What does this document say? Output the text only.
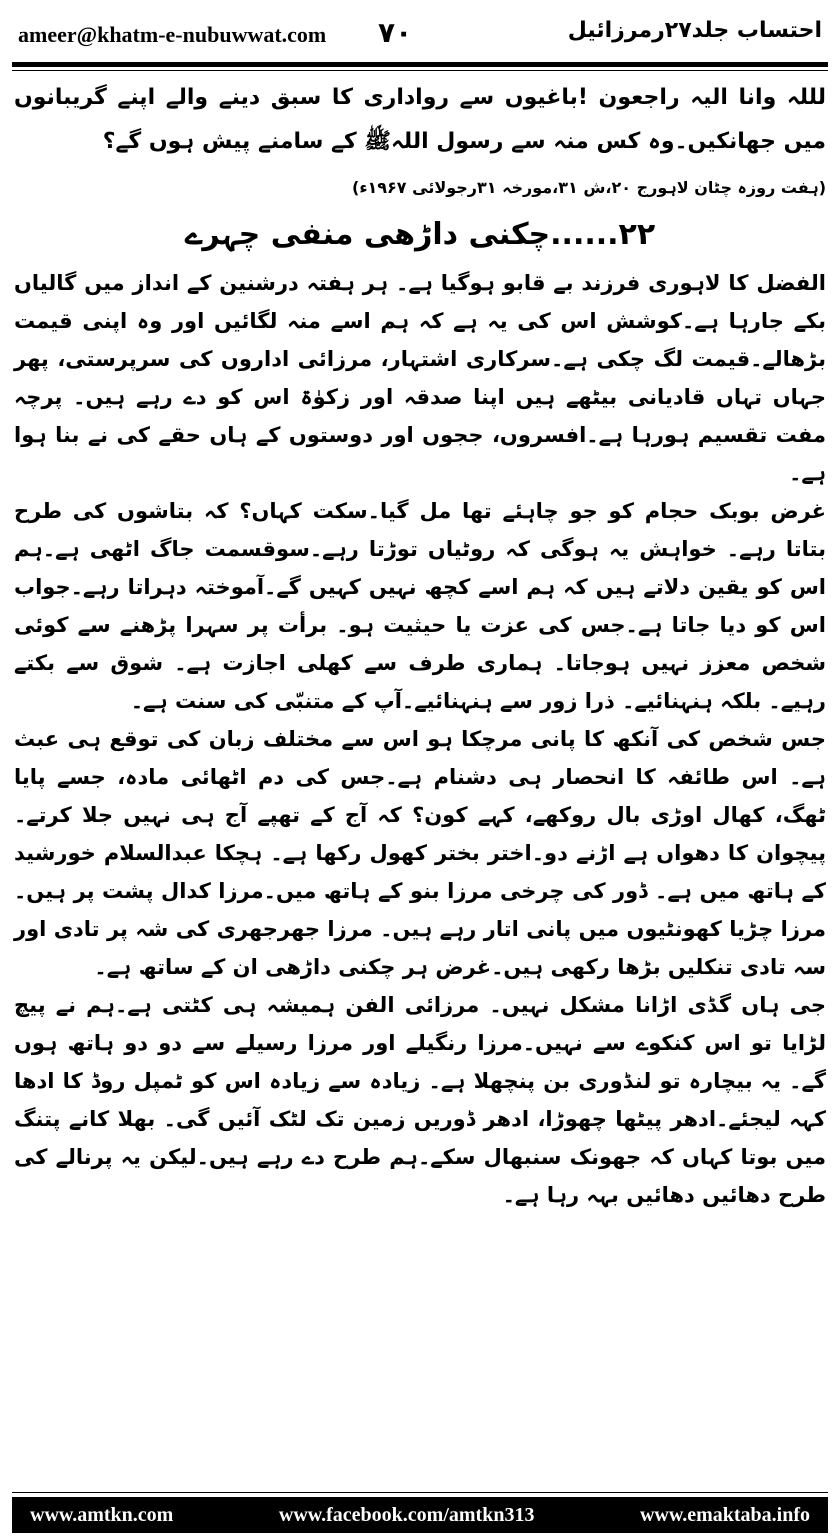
ameer@khatm-e-nubuwwat.com ۷۰	احتساب جلد۲۷رمرزائیل

لللہ وانا الیہ راجعون !باغیوں سے رواداری کا سبق دینے والے اپنے گریبانوں میں جھانکیں۔وہ کس منہ سے رسول اللہﷺ کے سامنے پیش ہوں گے؟

(ہفت روزہ چٹان لاہورج ۲۰،ش ۳۱،مورخہ ۳۱رجولائی ۱۹۶۷ء)

۲۲......چکنی داڑھی منفی چہرے

الفضل کا لاہوری فرزند بے قابو ہوگیا ہے۔ ہر ہفتہ درشنین کے انداز میں گالیاں بکے جارہا ہے۔کوشش اس کی یہ ہے کہ ہم اسے منہ لگائیں اور وہ اپنی قیمت بڑھالے۔قیمت لگ چکی ہے۔سرکاری اشتہار، مرزائی اداروں کی سرپرستی، پھر جہاں تہاں قادیانی بیٹھے ہیں اپنا صدقہ اور زکوٰۃ اس کو دے رہے ہیں۔ پرچہ مفت تقسیم ہورہا ہے۔افسروں، ججوں اور دوستوں کے ہاں حقے کی نے بنا ہوا ہے۔

غرض بوبک حجام کو جو چاہئے تھا مل گیا۔سکت کہاں؟ کہ بتاشوں کی طرح بتاتا رہے۔ خواہش یہ ہوگی کہ روٹیاں توڑتا رہے۔سوقسمت جاگ اٹھی ہے۔ہم اس کو یقین دلاتے ہیں کہ ہم اسے کچھ نہیں کہیں گے۔آموختہ دہراتا رہے۔جواب اس کو دیا جاتا ہے۔جس کی عزت یا حیثیت ہو۔ برأت پر سہرا پڑھنے سے کوئی شخص معزز نہیں ہوجاتا۔ ہماری طرف سے کھلی اجازت ہے۔ شوق سے بکتے رہیے۔ بلکہ ہنہنائیے۔ ذرا زور سے ہنہنائیے۔آپ کے متنبّی کی سنت ہے۔

جس شخص کی آنکھ کا پانی مرچکا ہو اس سے مختلف زبان کی توقع ہی عبث ہے۔ اس طائفہ کا انحصار ہی دشنام ہے۔جس کی دم اٹھائی مادہ، جسے پایا ٹھگ، کھال اوڑی بال روکھے، کہے کون؟ کہ آج کے تھپے آج ہی نہیں جلا کرتے۔ پیچوان کا دھواں ہے اڑنے دو۔اختر بختر کھول رکھا ہے۔ ہچکا عبدالسلام خورشید کے ہاتھ میں ہے۔ ڈور کی چرخی مرزا بنو کے ہاتھ میں۔مرزا کدال پشت پر ہیں۔مرزا چڑیا کھونٹیوں میں پانی اتار رہے ہیں۔ مرزا جھرجھری کی شہ پر تادی اور سہ تادی تنکلیں بڑھا رکھی ہیں۔غرض ہر چکنی داڑھی ان کے ساتھ ہے۔

جی ہاں گڈی اڑانا مشکل نہیں۔ مرزائی الفن ہمیشہ ہی کٹتی ہے۔ہم نے پیچ لڑایا تو اس کنکوے سے نہیں۔مرزا رنگیلے اور مرزا رسیلے سے دو دو ہاتھ ہوں گے۔ یہ بیچارہ تو لنڈوری بن پنچھلا ہے۔ زیادہ سے زیادہ اس کو ٹمپل روڈ کا ادھا کہہ لیجئے۔ادھر پیٹھا چھوڑا، ادھر ڈوریں زمین تک لٹک آئیں گی۔ بھلا کانے پتنگ میں بوتا کہاں کہ جھونک سنبھال سکے۔ہم طرح دے رہے ہیں۔لیکن یہ پرنالے کی طرح دھائیں دھائیں بہہ رہا ہے۔

www.amtkn.com	www.facebook.com/amtkn313	www.emaktaba.info
